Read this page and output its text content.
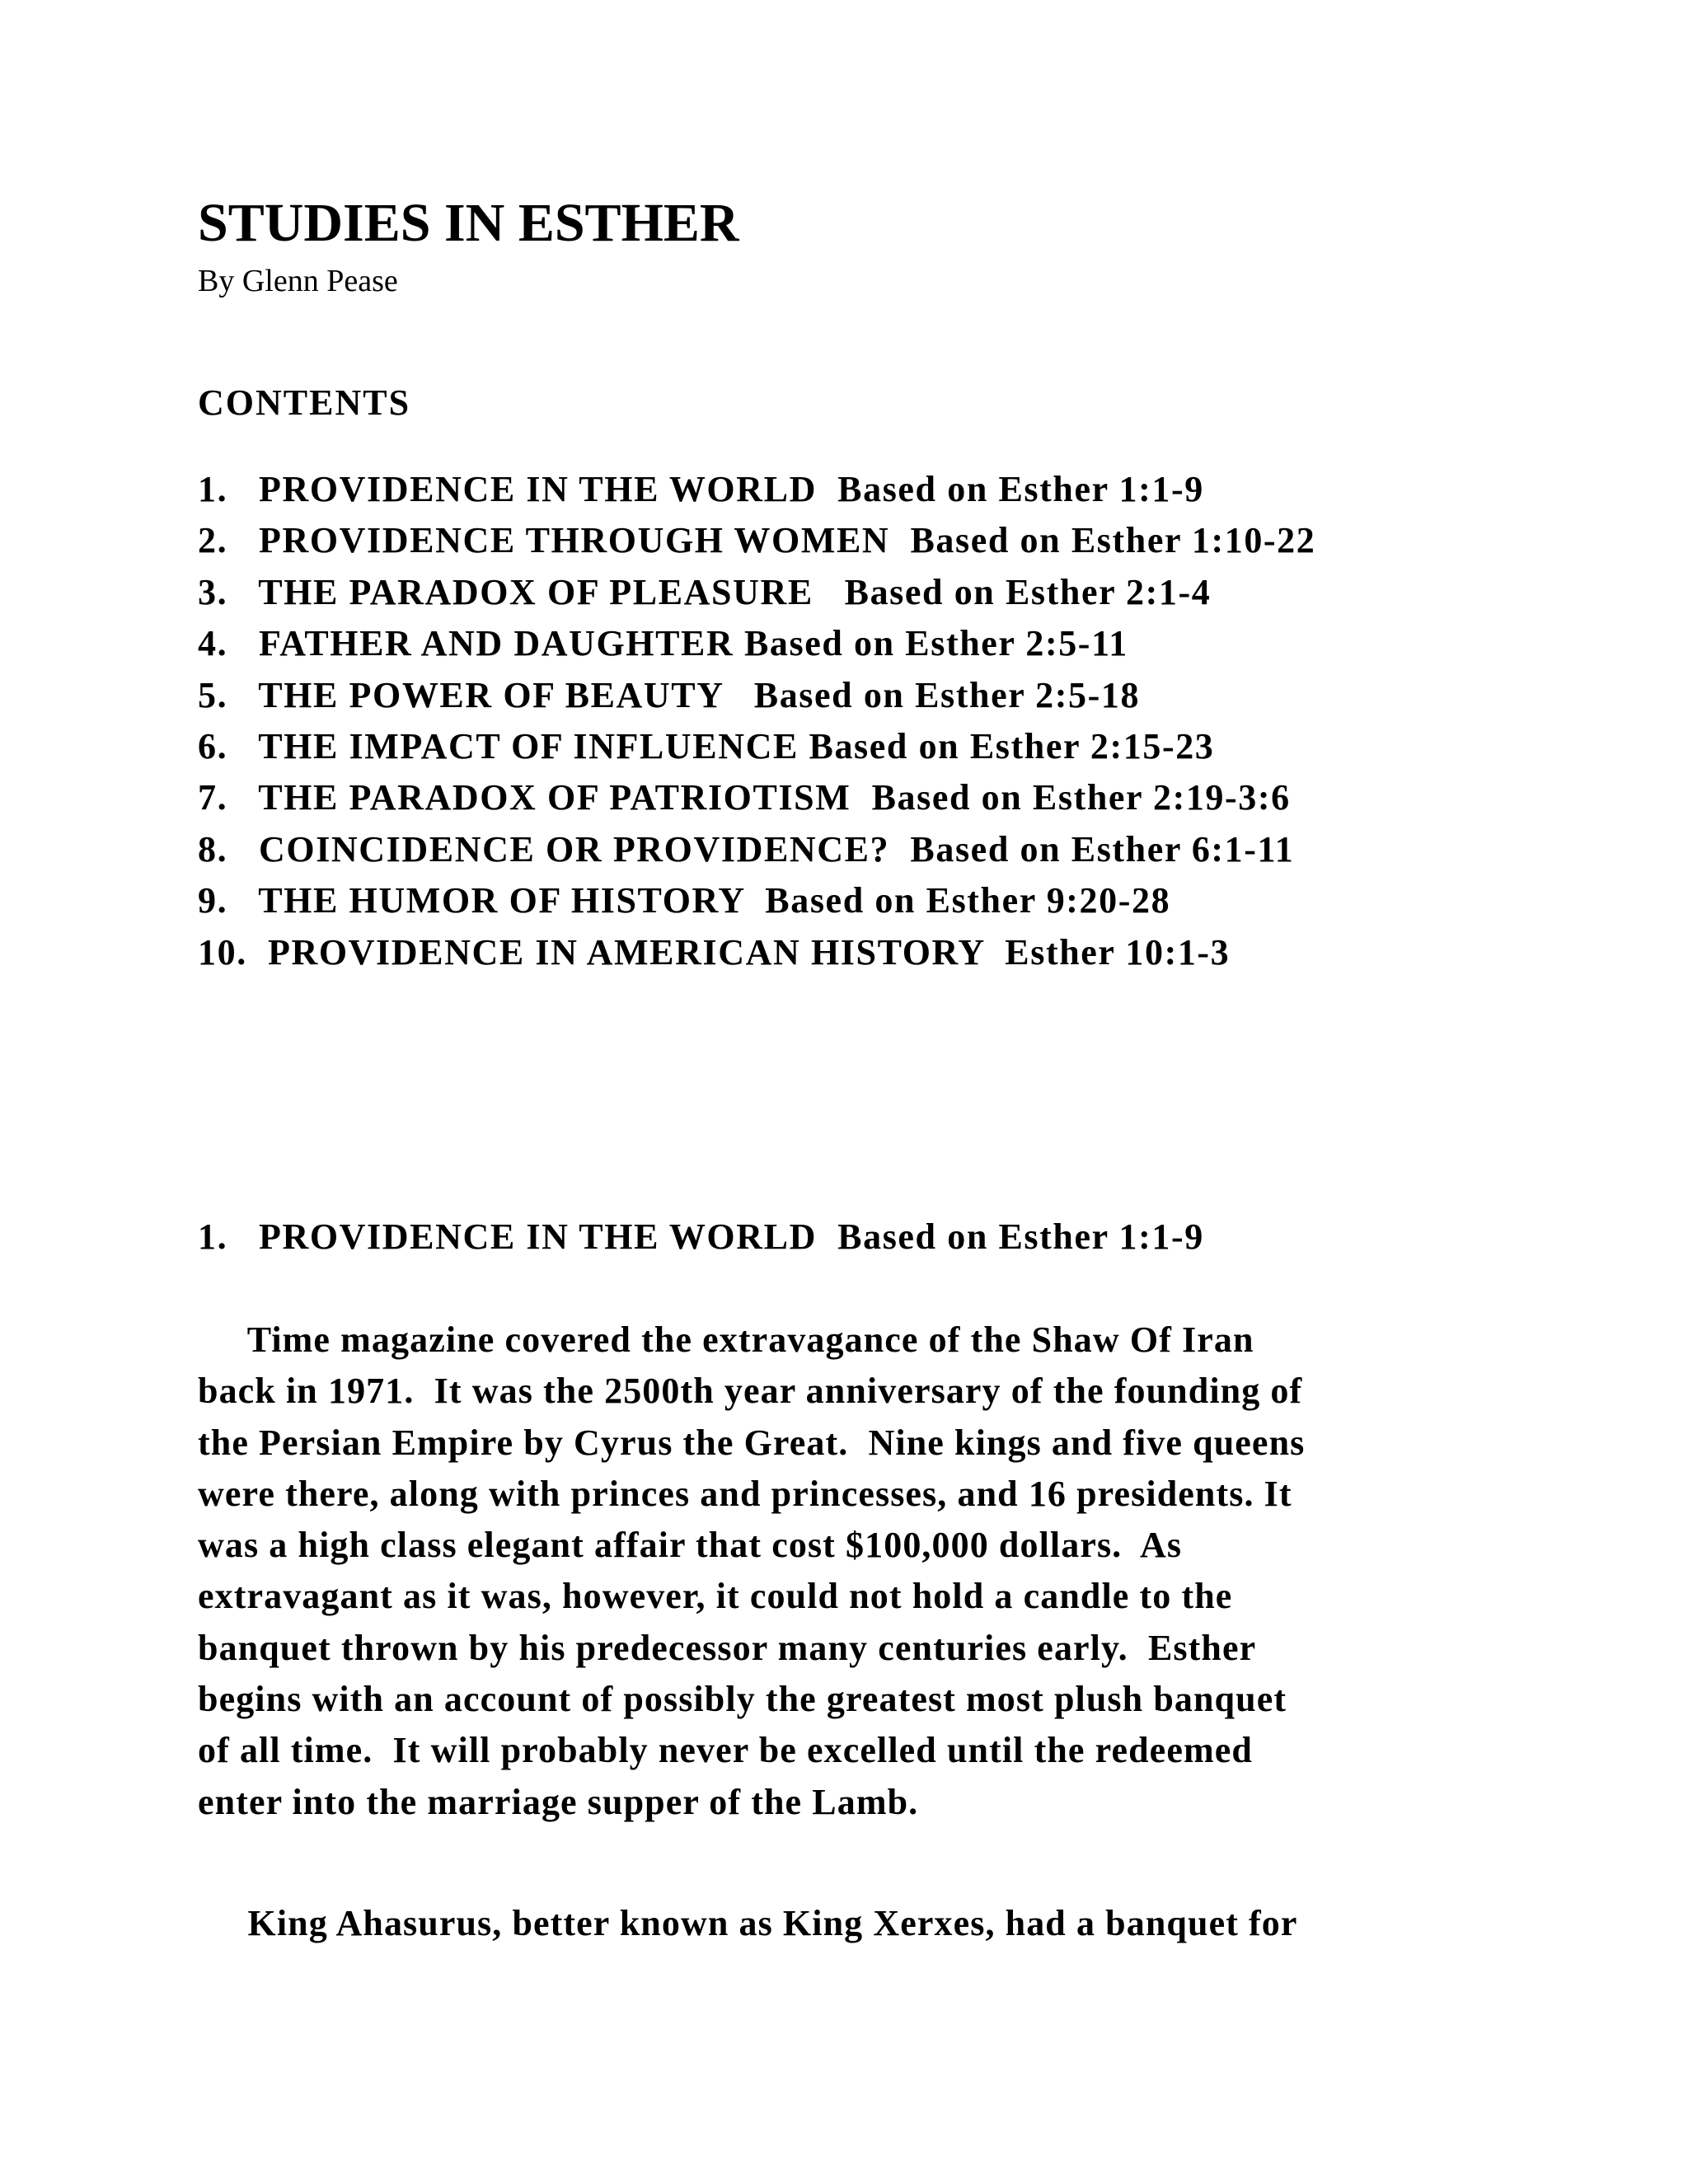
STUDIES IN ESTHER
By Glenn Pease
CONTENTS
1.   PROVIDENCE IN THE WORLD  Based on Esther 1:1-9
2.   PROVIDENCE THROUGH WOMEN  Based on Esther 1:10-22
3.   THE PARADOX OF PLEASURE   Based on Esther 2:1-4
4.   FATHER AND DAUGHTER Based on Esther 2:5-11
5.   THE POWER OF BEAUTY   Based on Esther 2:5-18
6.   THE IMPACT OF INFLUENCE Based on Esther 2:15-23
7.   THE PARADOX OF PATRIOTISM  Based on Esther 2:19-3:6
8.   COINCIDENCE OR PROVIDENCE?  Based on Esther 6:1-11
9.   THE HUMOR OF HISTORY  Based on Esther 9:20-28
10.  PROVIDENCE IN AMERICAN HISTORY  Esther 10:1-3
1.   PROVIDENCE IN THE WORLD  Based on Esther 1:1-9
Time magazine covered the extravagance of the Shaw Of Iran
back in 1971.  It was the 2500th year anniversary of the founding of
the Persian Empire by Cyrus the Great.  Nine kings and five queens
were there, along with princes and princesses, and 16 presidents. It
was a high class elegant affair that cost $100,000 dollars.  As
extravagant as it was, however, it could not hold a candle to the
banquet thrown by his predecessor many centuries early.  Esther
begins with an account of possibly the greatest most plush banquet
of all time.  It will probably never be excelled until the redeemed
enter into the marriage supper of the Lamb.
King Ahasurus, better known as King Xerxes, had a banquet for
